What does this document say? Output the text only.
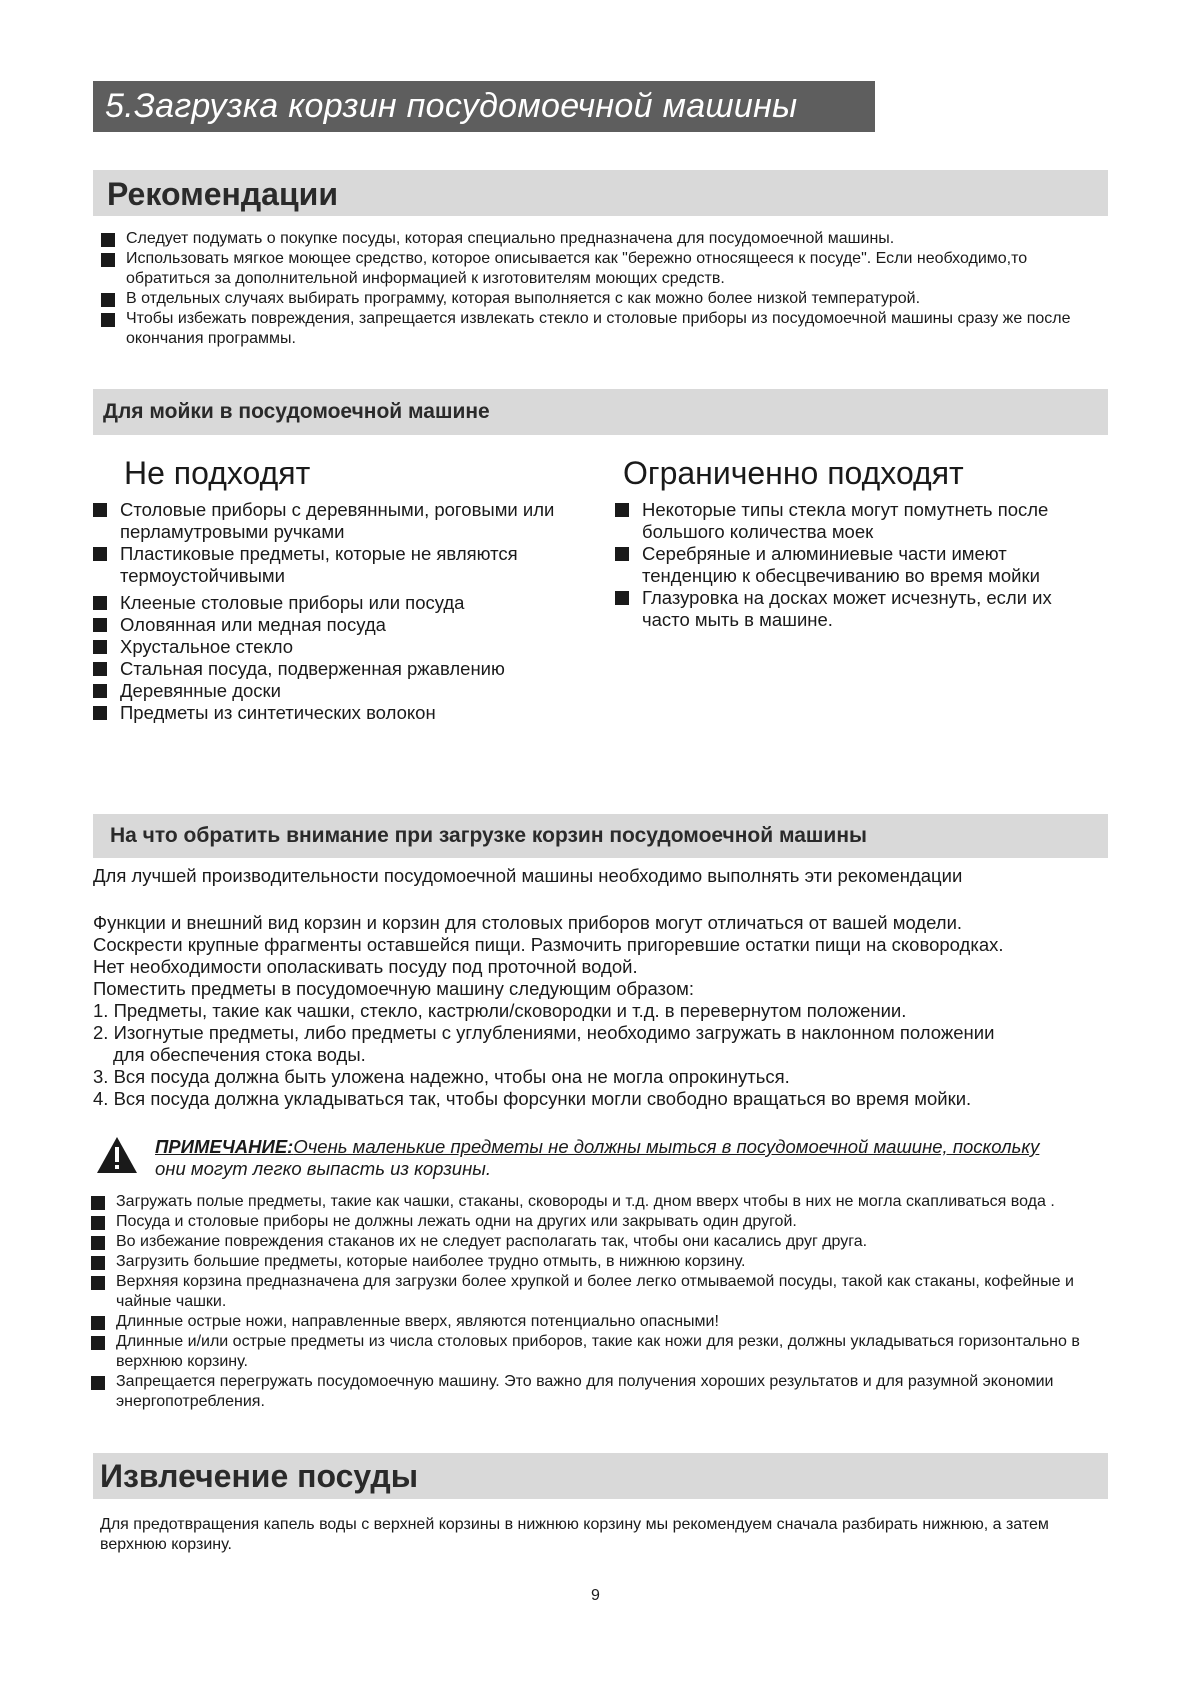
5.Загрузка корзин посудомоечной машины
Рекомендации
Следует подумать о покупке посуды, которая специально предназначена для посудомоечной машины.
Использовать мягкое моющее средство, которое описывается как "бережно относящееся к посуде". Если необходимо,то обратиться за дополнительной информацией к изготовителям моющих средств.
В отдельных случаях выбирать программу, которая выполняется с как можно более низкой температурой.
Чтобы избежать повреждения, запрещается извлекать стекло и столовые приборы из посудомоечной машины сразу же после окончания программы.
Для мойки в посудомоечной машине
Не подходят
Столовые приборы с деревянными, роговыми или перламутровыми ручками
Пластиковые предметы, которые не являются термоустойчивыми
Клееные столовые приборы или посуда
Оловянная или медная посуда
Хрустальное стекло
Стальная посуда, подверженная ржавлению
Деревянные доски
Предметы из синтетических волокон
Ограниченно подходят
Некоторые типы стекла могут помутнеть после большого количества моек
Серебряные и алюминиевые части имеют тенденцию к обесцвечиванию во время мойки
Глазуровка на досках может исчезнуть, если их часто мыть в машине.
На что обратить внимание при загрузке корзин посудомоечной машины
Для лучшей производительности посудомоечной машины необходимо выполнять эти рекомендации
Функции и внешний вид корзин и корзин для столовых приборов могут отличаться от вашей модели.
Соскрести крупные фрагменты оставшейся пищи. Размочить пригоревшие остатки пищи на сковородках.
Нет необходимости ополаскивать посуду под проточной водой.
Поместить предметы в посудомоечную машину следующим образом:
1. Предметы, такие как чашки, стекло, кастрюли/сковородки и т.д. в перевернутом положении.
2. Изогнутые предметы, либо предметы с углублениями, необходимо загружать в наклонном положении
для обеспечения стока воды.
3. Вся посуда должна быть уложена надежно, чтобы она не могла опрокинуться.
4. Вся посуда должна укладываться так, чтобы форсунки могли свободно вращаться во время мойки.
ПРИМЕЧАНИЕ:Очень маленькие предметы не должны мыться в посудомоечной машине, поскольку
они могут легко выпасть из корзины.
Загружать полые предметы, такие как чашки, стаканы, сковороды и т.д. дном вверх чтобы в них не могла скапливаться вода .
Посуда и столовые приборы не должны лежать одни на других или закрывать один другой.
Во избежание повреждения стаканов их не следует располагать так, чтобы они касались друг друга.
Загрузить большие предметы, которые наиболее трудно отмыть, в нижнюю корзину.
Верхняя корзина предназначена для загрузки более хрупкой и более легко отмываемой посуды, такой как стаканы, кофейные и чайные чашки.
Длинные острые ножи, направленные вверх, являются потенциально опасными!
Длинные и/или острые предметы из числа столовых приборов, такие как ножи для резки, должны укладываться горизонтально в верхнюю корзину.
Запрещается перегружать посудомоечную машину. Это важно для получения хороших результатов и для разумной экономии энергопотребления.
Извлечение посуды
Для предотвращения капель воды с верхней корзины в нижнюю корзину мы рекомендуем сначала разбирать нижнюю, а затем верхнюю корзину.
9
